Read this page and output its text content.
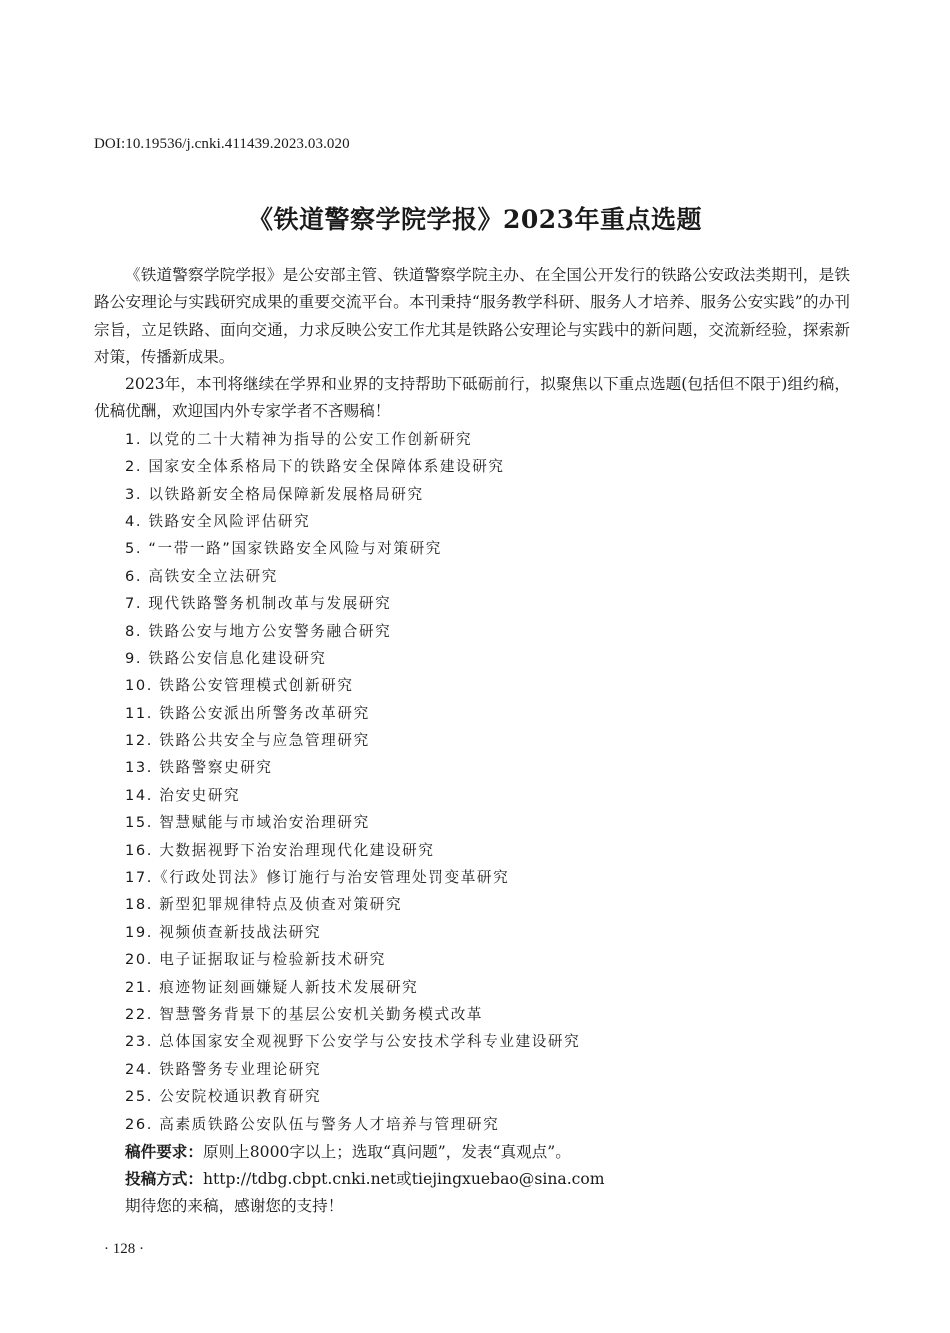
DOI:10.19536/j.cnki.411439.2023.03.020
《铁道警察学院学报》2023年重点选题

《铁道警察学院学报》是公安部主管、铁道警察学院主办、在全国公开发行的铁路公安政法类期刊，是铁路公安理论与实践研究成果的重要交流平台。本刊秉持“服务教学科研、服务人才培养、服务公安实践”的办刊宗旨，立足铁路、面向交通，力求反映公安工作尤其是铁路公安理论与实践中的新问题，交流新经验，探索新对策，传播新成果。

2023年，本刊将继续在学界和业界的支持帮助下砥砺前行，拟聚焦以下重点选题(包括但不限于)组约稿，优稿优酬，欢迎国内外专家学者不吝赐稿！

1. 以党的二十大精神为指导的公安工作创新研究
2. 国家安全体系格局下的铁路安全保障体系建设研究
3. 以铁路新安全格局保障新发展格局研究
4. 铁路安全风险评估研究
5. “一带一路”国家铁路安全风险与对策研究
6. 高铁安全立法研究
7. 现代铁路警务机制改革与发展研究
8. 铁路公安与地方公安警务融合研究
9. 铁路公安信息化建设研究
10. 铁路公安管理模式创新研究
11. 铁路公安派出所警务改革研究
12. 铁路公共安全与应急管理研究
13. 铁路警察史研究
14. 治安史研究
15. 智慧赋能与市域治安治理研究
16. 大数据视野下治安治理现代化建设研究
17.《行政处罚法》修订施行与治安管理处罚变革研究
18. 新型犯罪规律特点及侦查对策研究
19. 视频侦查新技战法研究
20. 电子证据取证与检验新技术研究
21. 痕迹物证刻画嫌疑人新技术发展研究
22. 智慧警务背景下的基层公安机关勤务模式改革
23. 总体国家安全观视野下公安学与公安技术学科专业建设研究
24. 铁路警务专业理论研究
25. 公安院校通识教育研究
26. 高素质铁路公安队伍与警务人才培养与管理研究

稿件要求：原则上8000字以上；选取“真问题”，发表“真观点”。

投稿方式：http://tdbg.cbpt.cnki.net或tiejingxuebao@sina.com

期待您的来稿，感谢您的支持！

· 128 ·
